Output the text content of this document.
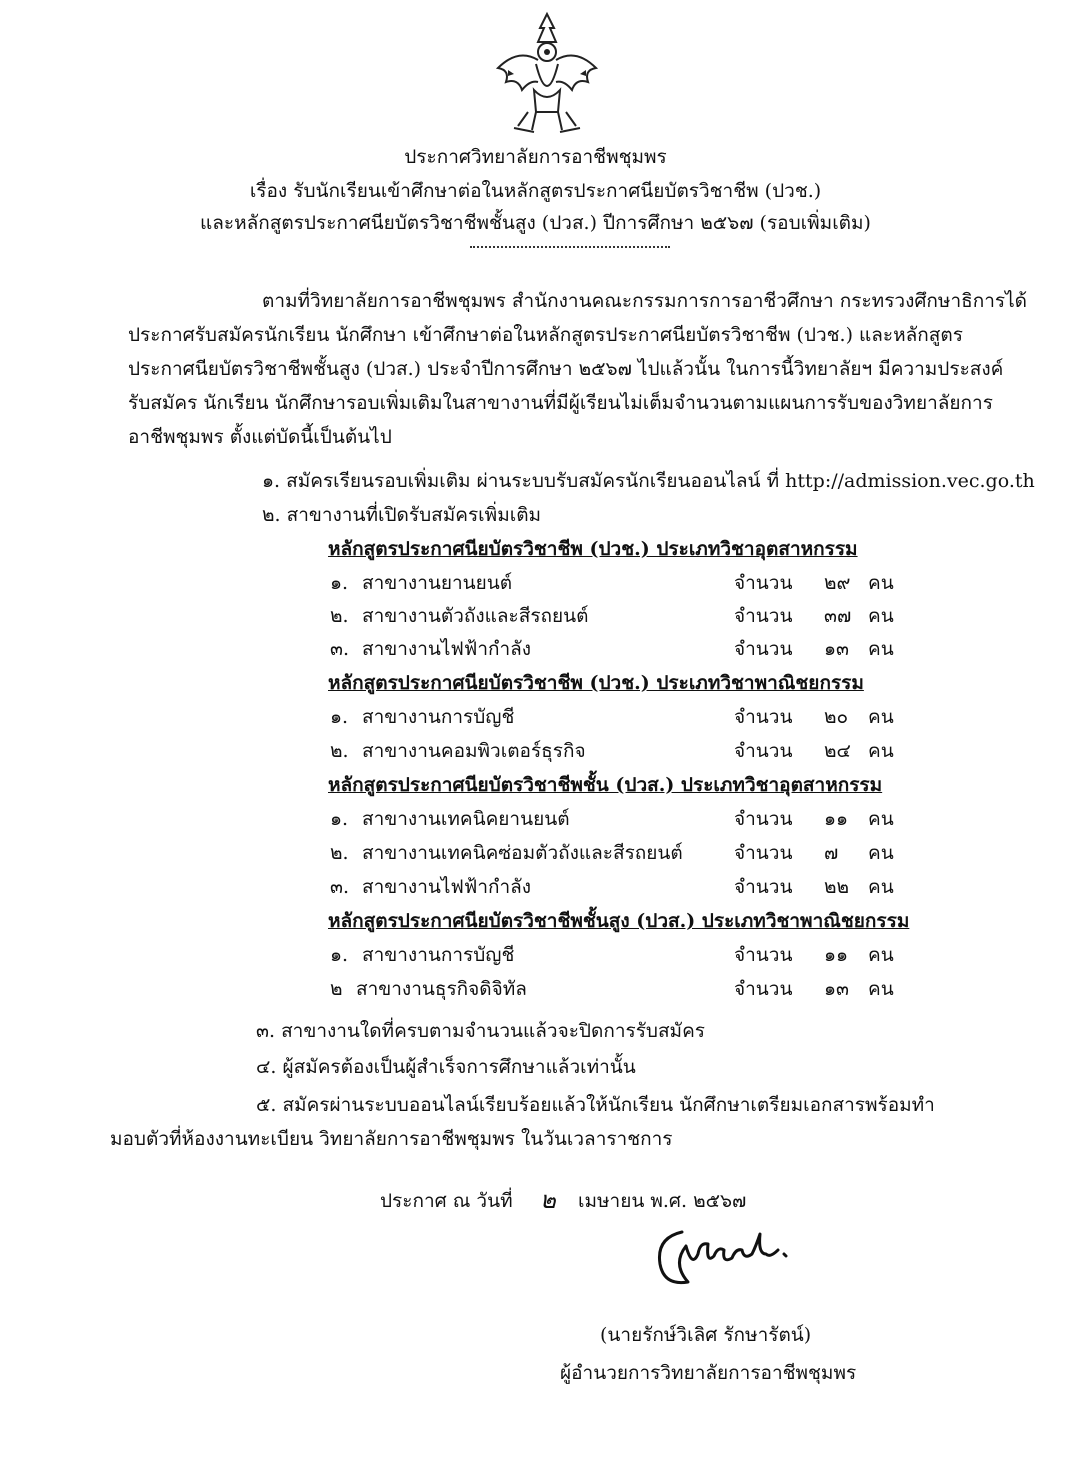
ประกาศวิทยาลัยการอาชีพชุมพร
เรื่อง รับนักเรียนเข้าศึกษาต่อในหลักสูตรประกาศนียบัตรวิชาชีพ (ปวช.)
และหลักสูตรประกาศนียบัตรวิชาชีพชั้นสูง (ปวส.) ปีการศึกษา ๒๕๖๗ (รอบเพิ่มเติม)
ตามที่วิทยาลัยการอาชีพชุมพร สำนักงานคณะกรรมการการอาชีวศึกษา กระทรวงศึกษาธิการได้
ประกาศรับสมัครนักเรียน นักศึกษา เข้าศึกษาต่อในหลักสูตรประกาศนียบัตรวิชาชีพ (ปวช.) และหลักสูตร
ประกาศนียบัตรวิชาชีพชั้นสูง (ปวส.) ประจำปีการศึกษา ๒๕๖๗ ไปแล้วนั้น ในการนี้วิทยาลัยฯ มีความประสงค์
รับสมัคร นักเรียน นักศึกษารอบเพิ่มเติมในสาขางานที่มีผู้เรียนไม่เต็มจำนวนตามแผนการรับของวิทยาลัยการ
อาชีพชุมพร ตั้งแต่บัดนี้เป็นต้นไป
๑. สมัครเรียนรอบเพิ่มเติม ผ่านระบบรับสมัครนักเรียนออนไลน์ ที่ http://admission.vec.go.th
๒. สาขางานที่เปิดรับสมัครเพิ่มเติม
หลักสูตรประกาศนียบัตรวิชาชีพ (ปวช.) ประเภทวิชาอุตสาหกรรม
๑. สาขางานยานยนต์	จำนวน ๒๙ คน
๒. สาขางานตัวถังและสีรถยนต์	จำนวน ๓๗ คน
๓. สาขางานไฟฟ้ากำลัง	จำนวน ๑๓ คน
หลักสูตรประกาศนียบัตรวิชาชีพ (ปวช.) ประเภทวิชาพาณิชยกรรม
๑. สาขางานการบัญชี	จำนวน ๒๐ คน
๒. สาขางานคอมพิวเตอร์ธุรกิจ	จำนวน ๒๔ คน
หลักสูตรประกาศนียบัตรวิชาชีพชั้น (ปวส.) ประเภทวิชาอุตสาหกรรม
๑. สาขางานเทคนิคยานยนต์	จำนวน ๑๑ คน
๒. สาขางานเทคนิคซ่อมตัวถังและสีรถยนต์	จำนวน ๗ คน
๓. สาขางานไฟฟ้ากำลัง	จำนวน ๒๒ คน
หลักสูตรประกาศนียบัตรวิชาชีพชั้นสูง (ปวส.) ประเภทวิชาพาณิชยกรรม
๑. สาขางานการบัญชี	จำนวน ๑๑ คน
๒ สาขางานธุรกิจดิจิทัล	จำนวน ๑๓ คน
๓. สาขางานใดที่ครบตามจำนวนแล้วจะปิดการรับสมัคร
๔. ผู้สมัครต้องเป็นผู้สำเร็จการศึกษาแล้วเท่านั้น
๕. สมัครผ่านระบบออนไลน์เรียบร้อยแล้วให้นักเรียน นักศึกษาเตรียมเอกสารพร้อมทำ
มอบตัวที่ห้องงานทะเบียน วิทยาลัยการอาชีพชุมพร ในวันเวลาราชการ
ประกาศ ณ วันที่ ๒ เมษายน พ.ศ. ๒๕๖๗
(นายรักษ์วิเลิศ รักษารัตน์)
ผู้อำนวยการวิทยาลัยการอาชีพชุมพร
